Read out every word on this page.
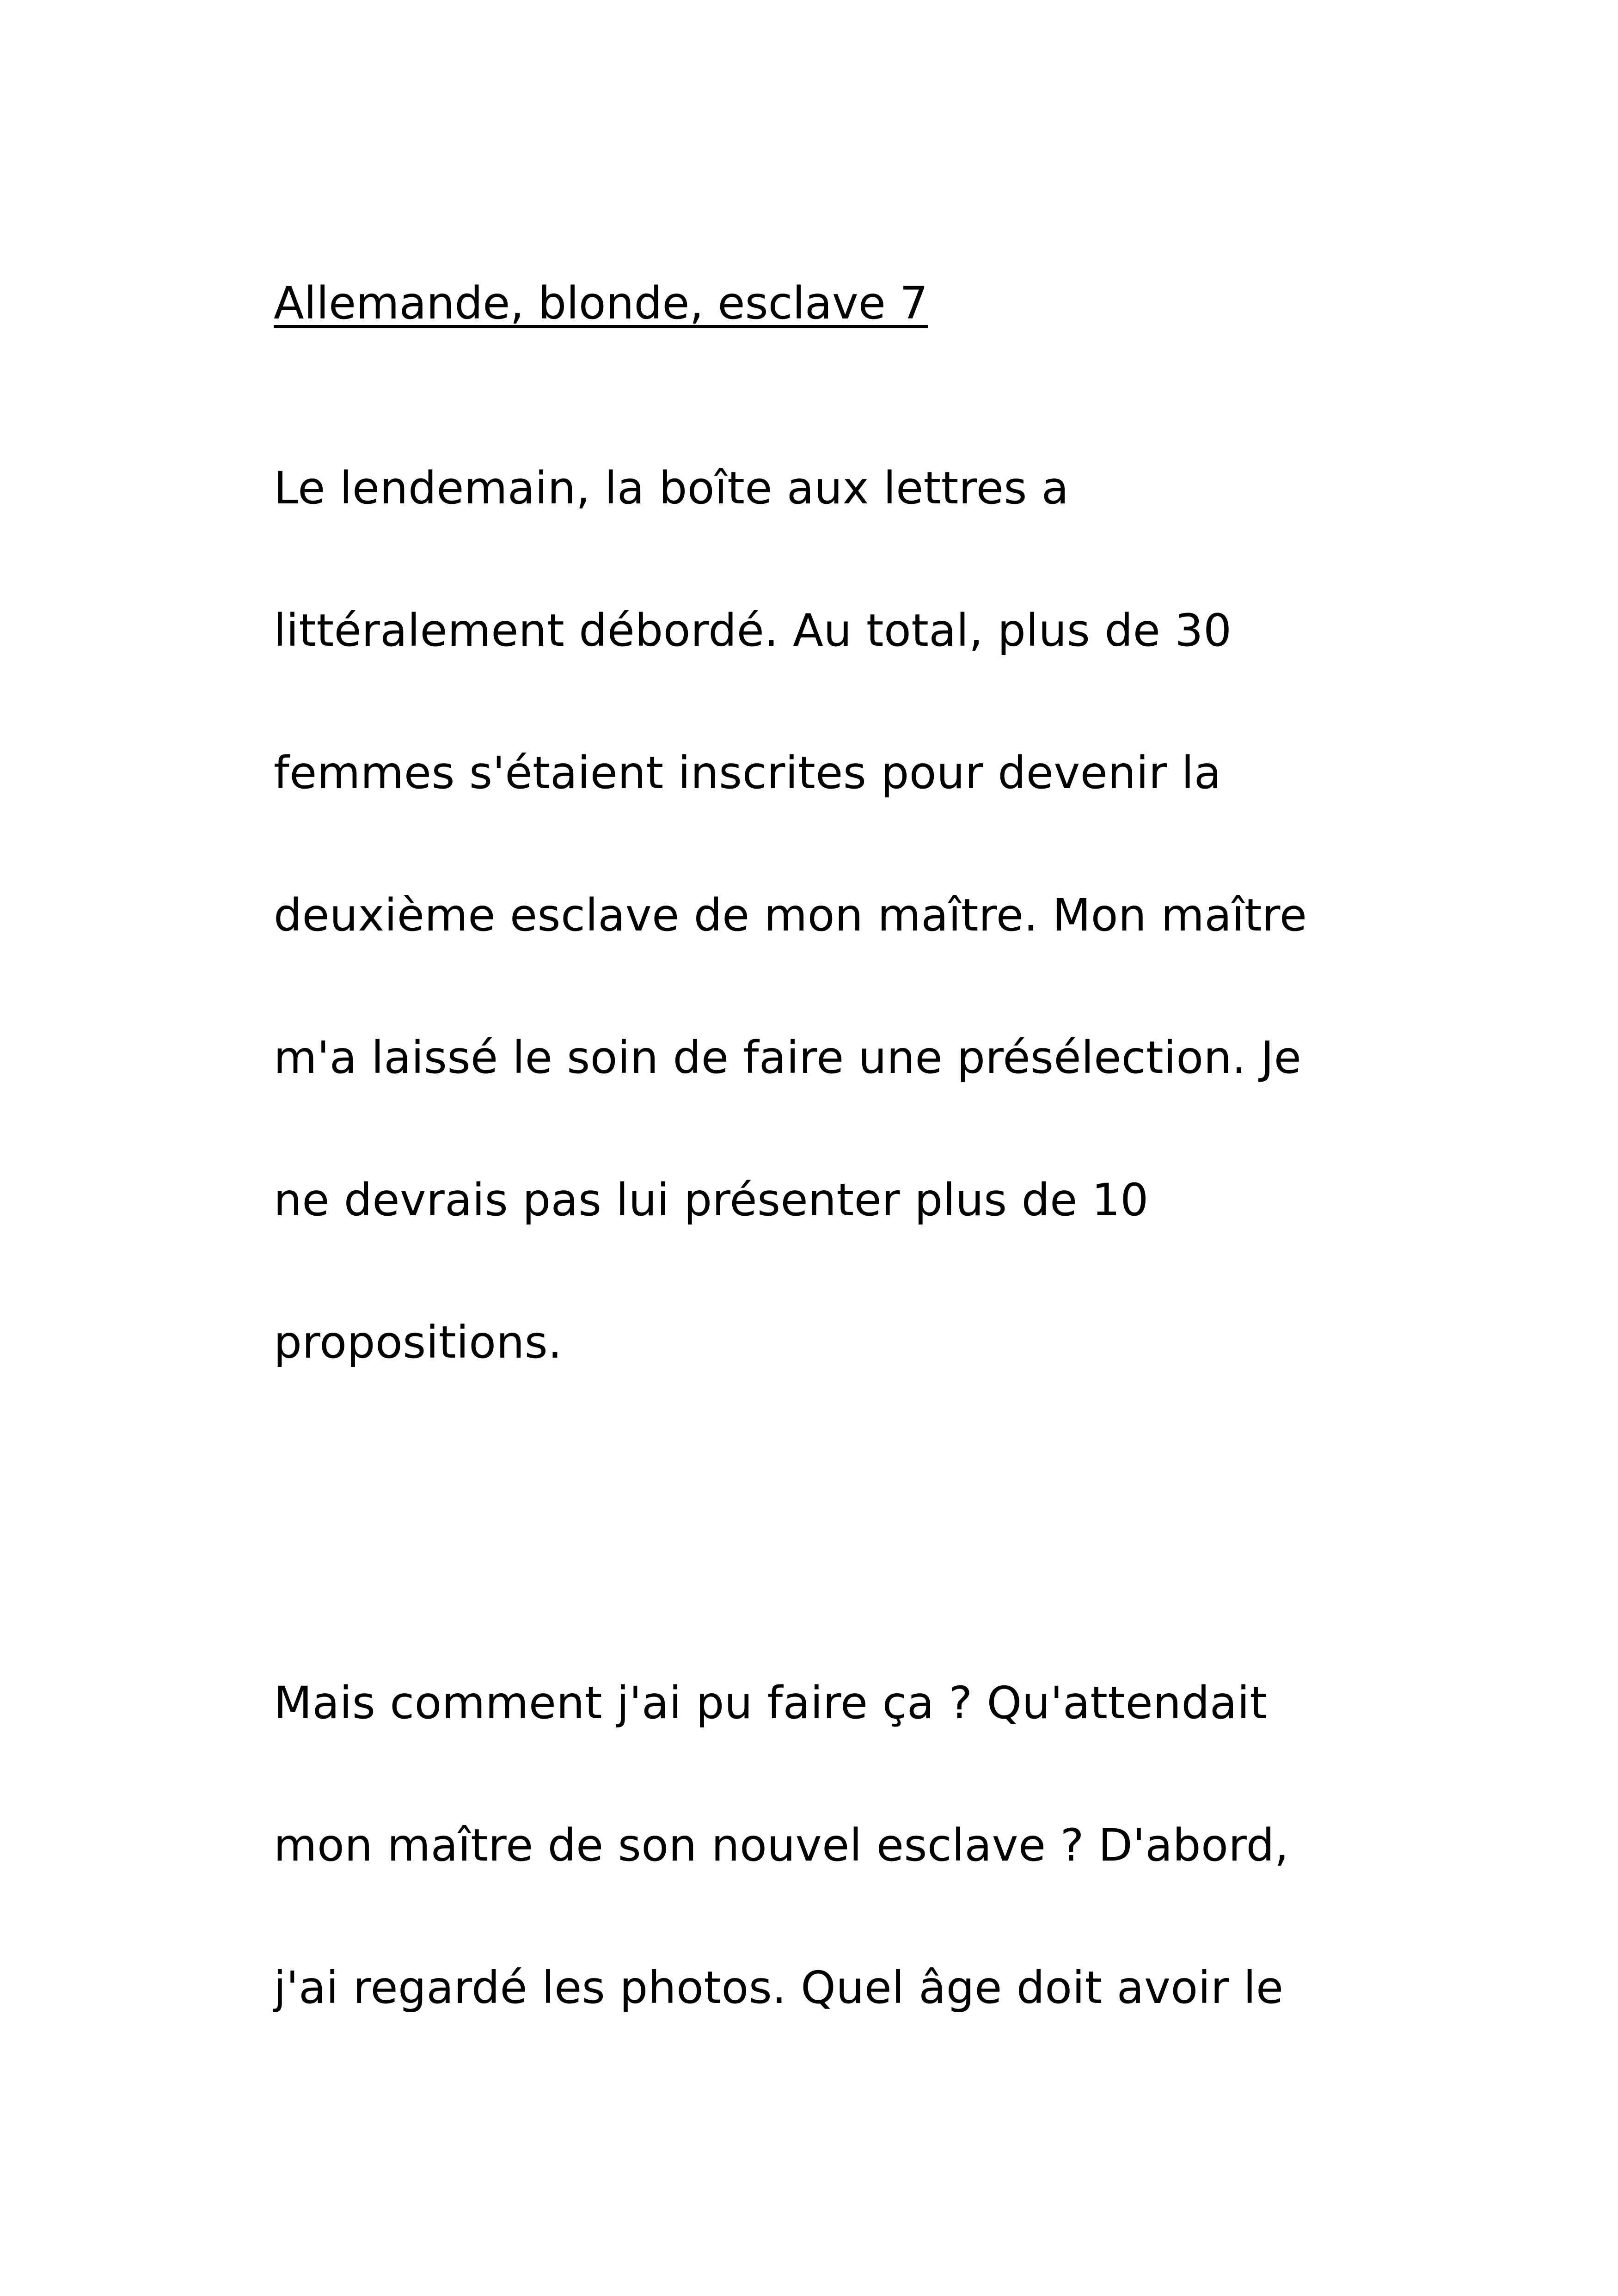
Allemande, blonde, esclave 7

Le lendemain, la boîte aux lettres a

littéralement débordé. Au total, plus de 30

femmes s'étaient inscrites pour devenir la

deuxième esclave de mon maître. Mon maître

m'a laissé le soin de faire une présélection. Je

ne devrais pas lui présenter plus de 10

propositions.

Mais comment j'ai pu faire ça ? Qu'attendait

mon maître de son nouvel esclave ? D'abord,

j'ai regardé les photos. Quel âge doit avoir le
